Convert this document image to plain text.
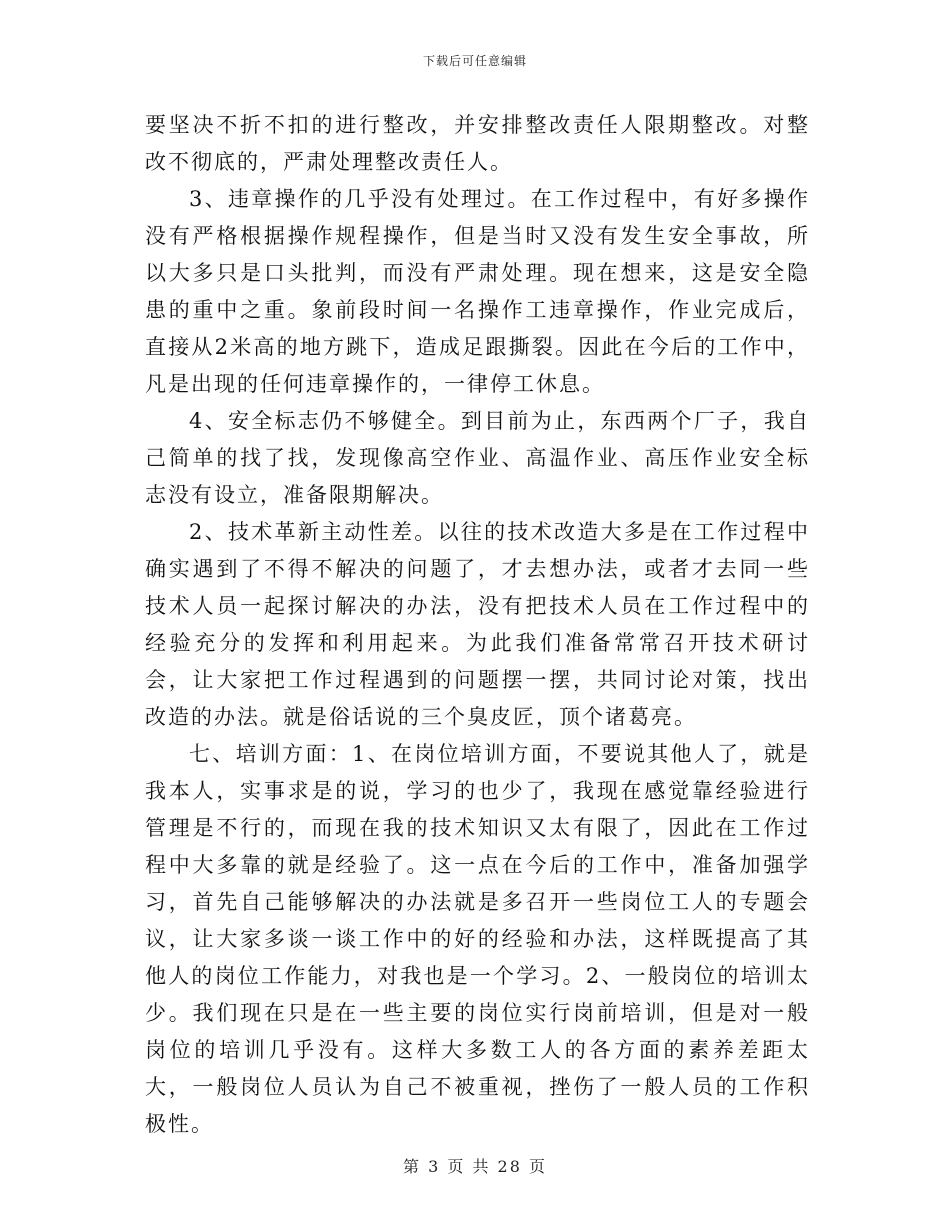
下载后可任意编辑

要坚决不折不扣的进行整改，并安排整改责任人限期整改。对整改不彻底的，严肃处理整改责任人。

3、违章操作的几乎没有处理过。在工作过程中，有好多操作没有严格根据操作规程操作，但是当时又没有发生安全事故，所以大多只是口头批判，而没有严肃处理。现在想来，这是安全隐患的重中之重。象前段时间一名操作工违章操作，作业完成后，直接从2米高的地方跳下，造成足跟撕裂。因此在今后的工作中，凡是出现的任何违章操作的，一律停工休息。

4、安全标志仍不够健全。到目前为止，东西两个厂子，我自己简单的找了找，发现像高空作业、高温作业、高压作业安全标志没有设立，准备限期解决。

2、技术革新主动性差。以往的技术改造大多是在工作过程中确实遇到了不得不解决的问题了，才去想办法，或者才去同一些技术人员一起探讨解决的办法，没有把技术人员在工作过程中的经验充分的发挥和利用起来。为此我们准备常常召开技术研讨会，让大家把工作过程遇到的问题摆一摆，共同讨论对策，找出改造的办法。就是俗话说的三个臭皮匠，顶个诸葛亮。

七、培训方面：1、在岗位培训方面，不要说其他人了，就是我本人，实事求是的说，学习的也少了，我现在感觉靠经验进行管理是不行的，而现在我的技术知识又太有限了，因此在工作过程中大多靠的就是经验了。这一点在今后的工作中，准备加强学习，首先自己能够解决的办法就是多召开一些岗位工人的专题会议，让大家多谈一谈工作中的好的经验和办法，这样既提高了其他人的岗位工作能力，对我也是一个学习。2、一般岗位的培训太少。我们现在只是在一些主要的岗位实行岗前培训，但是对一般岗位的培训几乎没有。这样大多数工人的各方面的素养差距太大，一般岗位人员认为自己不被重视，挫伤了一般人员的工作积极性。

第 3 页 共 28 页
